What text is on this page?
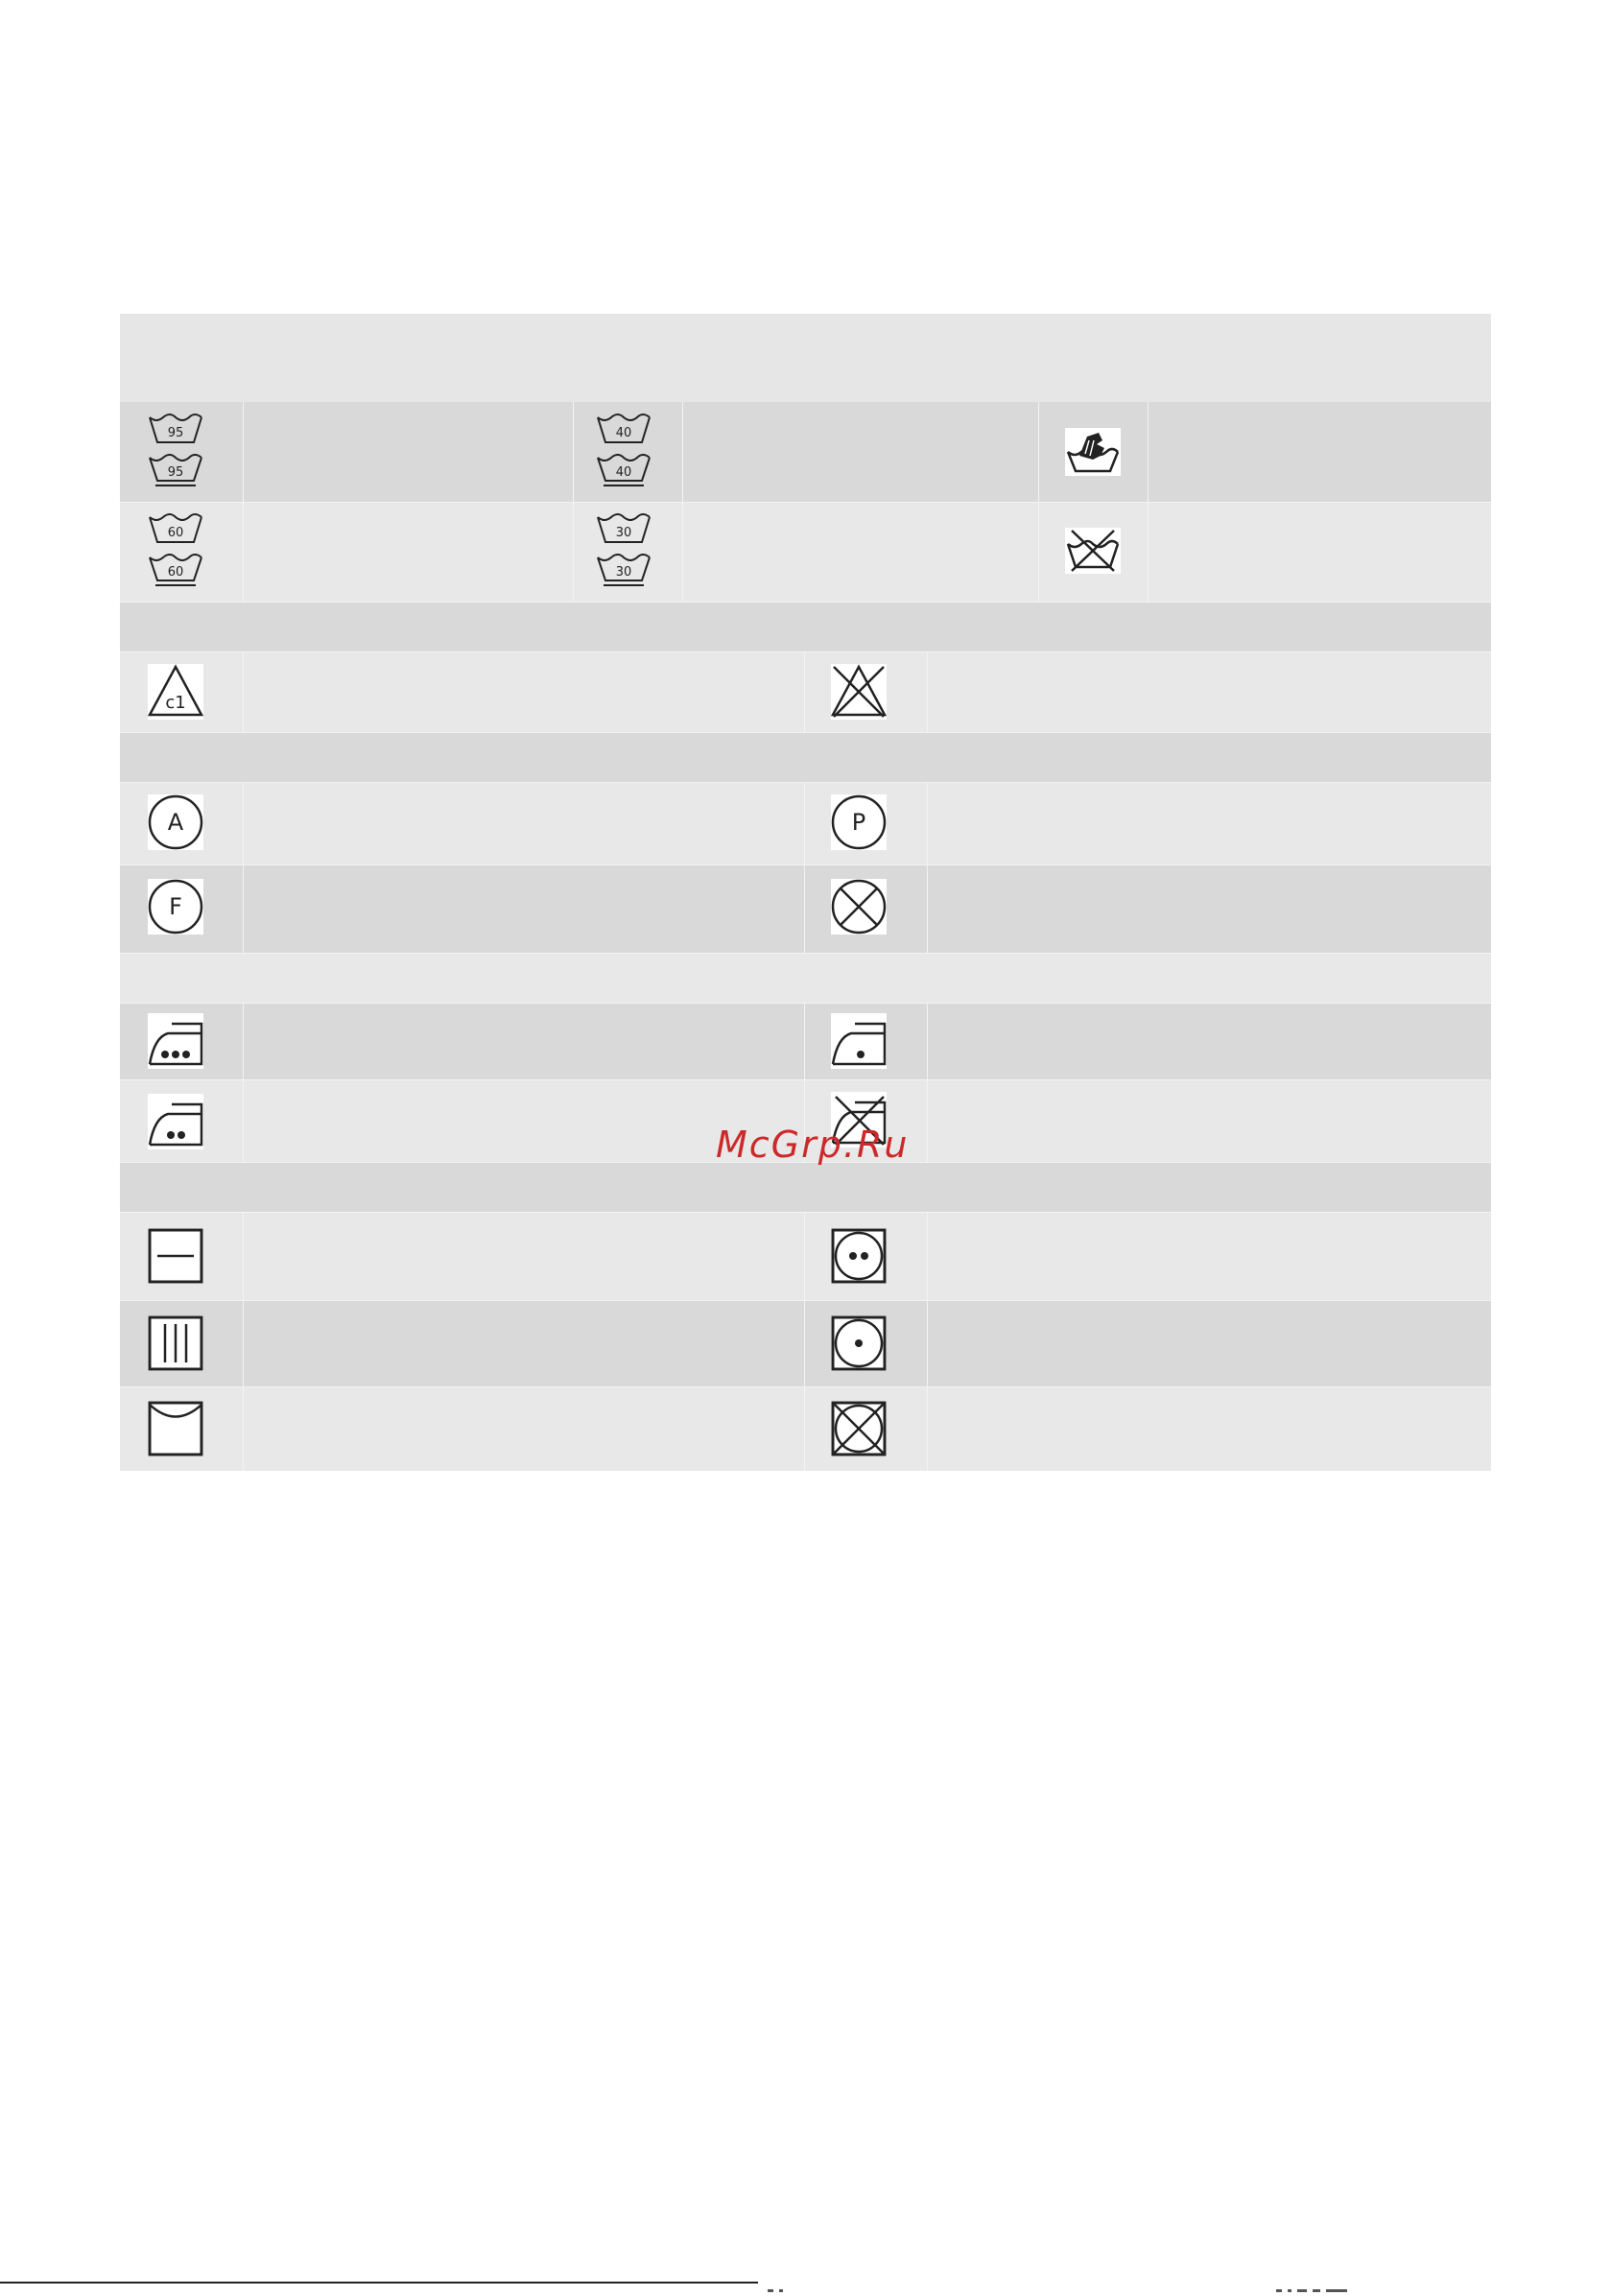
95
95
40
40
60
60
30
30
c1
A	P
F
McGrp.Ru
